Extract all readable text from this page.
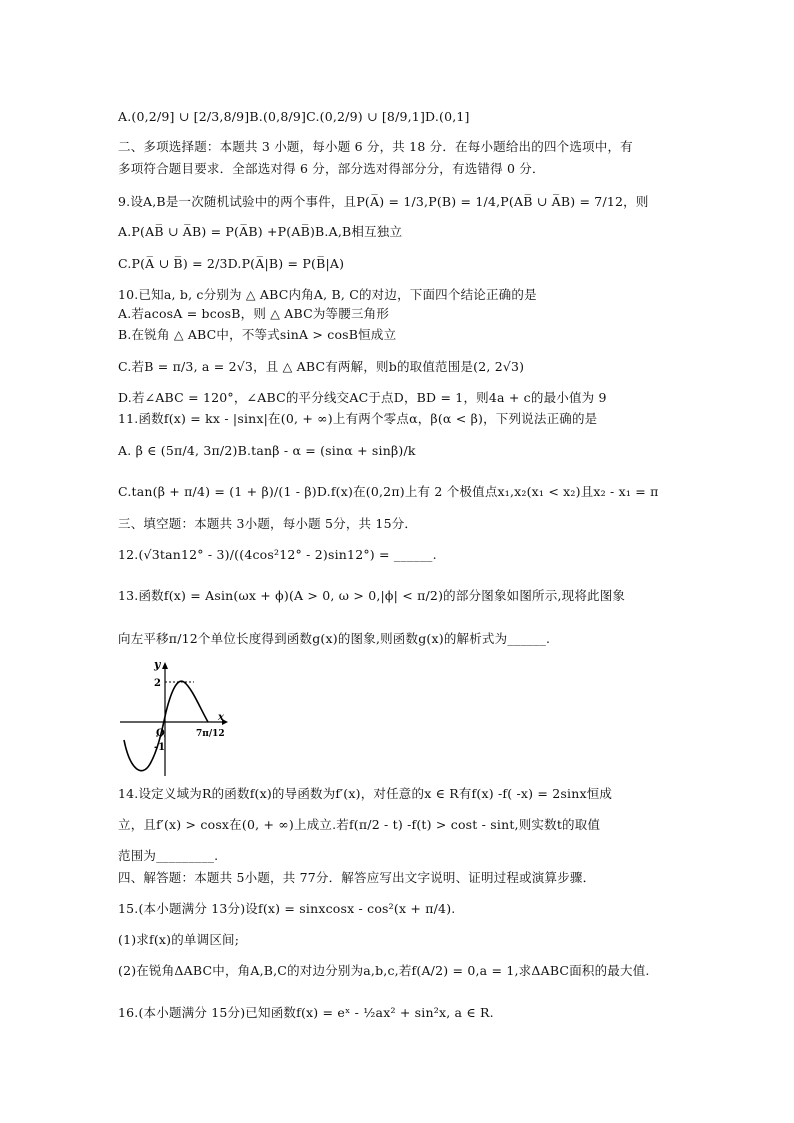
A.(0,2/9] ∪ [2/3,8/9]B.(0,8/9]C.(0,2/9) ∪ [8/9,1]D.(0,1]
二、多项选择题：本题共 3 小题，每小题 6 分，共 18 分．在每小题给出的四个选项中，有
多项符合题目要求．全部选对得 6 分，部分选对得部分分，有选错得 0 分．
9.设A,B是一次随机试验中的两个事件，且P(A̅) = 1/3,P(B) = 1/4,P(AB̅ ∪ A̅B) = 7/12，则
A.P(AB̅ ∪ A̅B) = P(A̅B) +P(AB̅)B.A,B相互独立
C.P(A̅ ∪ B̅) = 2/3D.P(A̅|B) = P(B̅|A)
10.已知a, b, c分别为 △ ABC内角A, B, C的对边，下面四个结论正确的是
A.若acosA = bcosB，则 △ ABC为等腰三角形
B.在锐角 △ ABC中，不等式sinA > cosB恒成立
C.若B = π/3, a = 2√3，且 △ ABC有两解，则b的取值范围是(2, 2√3)
D.若∠ABC = 120°，∠ABC的平分线交AC于点D，BD = 1，则4a + c的最小值为 9
11.函数f(x) = kx - |sinx|在(0, + ∞)上有两个零点α，β(α < β)，下列说法正确的是
A. β ∈ (5π/4, 3π/2)B.tanβ - α = (sinα + sinβ)/k
C.tan(β + π/4) = (1 + β)/(1 - β)D.f(x)在(0,2π)上有 2 个极值点x₁,x₂(x₁ < x₂)且x₂ - x₁ = π
三、填空题：本题共 3小题，每小题 5分，共 15分．
12.(√3tan12° - 3)/((4cos²12° - 2)sin12°) = ______.
13.函数f(x) = Asin(ωx + ϕ)(A > 0, ω > 0,|ϕ| < π/2)的部分图象如图所示,现将此图象
向左平移π/12个单位长度得到函数g(x)的图象,则函数g(x)的解析式为______.
y
x
2
O
-1
7π/12
14.设定义域为R的函数f(x)的导函数为f′(x)，对任意的x ∈ R有f(x) -f( -x) = 2sinx恒成
立，且f′(x) > cosx在(0, + ∞)上成立.若f(π/2 - t) -f(t) > cost - sint,则实数t的取值
范围为_________.
四、解答题：本题共 5小题，共 77分．解答应写出文字说明、证明过程或演算步骤．
15.(本小题满分 13分)设f(x) = sinxcosx - cos²(x + π/4).
(1)求f(x)的单调区间;
(2)在锐角ΔABC中，角A,B,C的对边分别为a,b,c,若f(A/2) = 0,a = 1,求ΔABC面积的最大值.
16.(本小题满分 15分)已知函数f(x) = eˣ - ½ax² + sin²x, a ∈ R.
